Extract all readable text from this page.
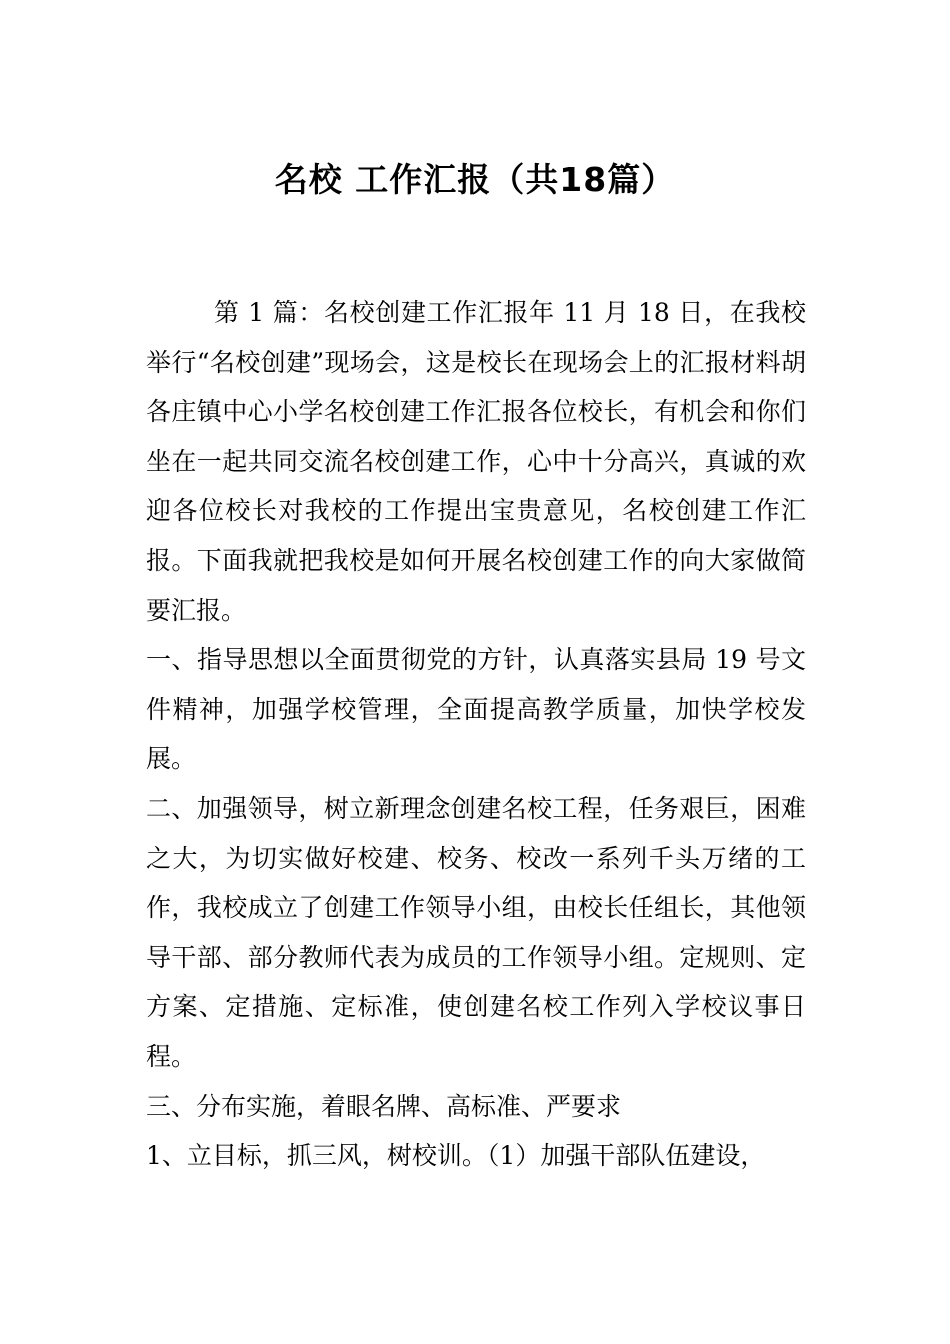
名校 工作汇报（共18篇）

第 1 篇：名校创建工作汇报年 11 月 18 日，在我校举行“名校创建”现场会，这是校长在现场会上的汇报材料胡各庄镇中心小学名校创建工作汇报各位校长，有机会和你们坐在一起共同交流名校创建工作，心中十分高兴，真诚的欢迎各位校长对我校的工作提出宝贵意见，名校创建工作汇报。下面我就把我校是如何开展名校创建工作的向大家做简要汇报。

一、指导思想以全面贯彻党的方针，认真落实县局 19 号文件精神，加强学校管理，全面提高教学质量，加快学校发展。

二、加强领导，树立新理念创建名校工程，任务艰巨，困难之大，为切实做好校建、校务、校改一系列千头万绪的工作，我校成立了创建工作领导小组，由校长任组长，其他领导干部、部分教师代表为成员的工作领导小组。定规则、定方案、定措施、定标准，使创建名校工作列入学校议事日程。

三、分布实施，着眼名牌、高标准、严要求

1、立目标，抓三风，树校训。（1）加强干部队伍建设，
